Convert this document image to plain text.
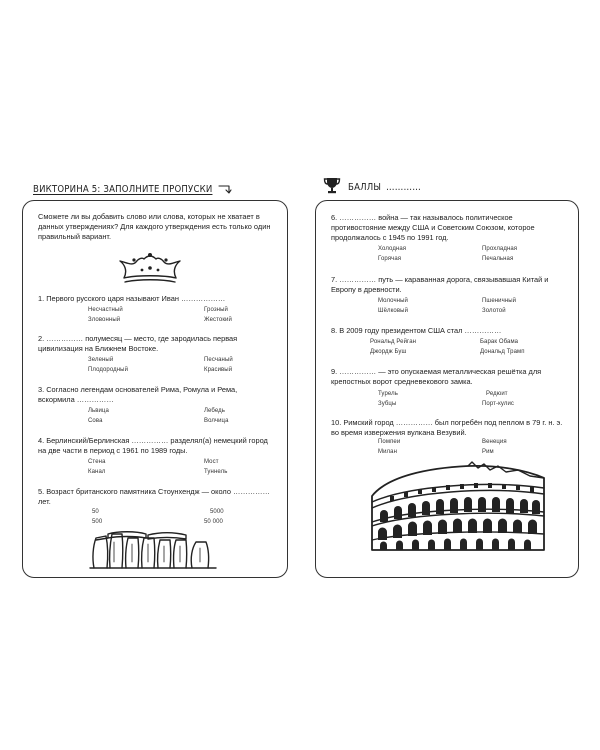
ВИКТОРИНА 5: ЗАПОЛНИТЕ ПРОПУСКИ

Сможете ли вы добавить слово или слова, которых не хватает в данных утверждениях? Для каждого утверждения есть только один правильный вариант.

1. Первого русского царя называют Иван ………………

Несчастный	Грозный
Зловонный	Жестокий

2. …………… полумесяц — место, где зародилась первая цивилизация на Ближнем Востоке.

Зеленый	Песчаный
Плодородный	Красивый

3. Согласно легендам основателей Рима, Ромула и Рема, вскормила ……………

Львица	Лебедь
Сова	Волчица

4. Берлинский/Берлинская …………… разделял(а) немецкий город на две части в период с 1961 по 1989 годы.

Стена	Мост
Канал	Туннель

5. Возраст британского памятника Стоунхендж — около …………… лет.

50	5000
500	50 000
БАЛЛЫ …………

6. …………… война — так называлось политическое противостояние между США и Советским Союзом, которое продолжалось с 1945 по 1991 год.

Холодная	Прохладная
Горячая	Печальная

7. …………… путь — караванная дорога, связывавшая Китай и Европу в древности.

Молочный	Пшеничный
Шёлковый	Золотой

8. В 2009 году президентом США стал ……………

Рональд Рейган	Барак Обама
Джордж Буш	Дональд Трамп

9. …………… — это опускаемая металлическая решётка для крепостных ворот средневекового замка.

Турель	Редюит
Зубцы	Порт-кулис

10. Римский город …………… был погребён под пеплом в 79 г. н. э. во время извержения вулкана Везувий.

Помпеи	Венеция
Милан	Рим
